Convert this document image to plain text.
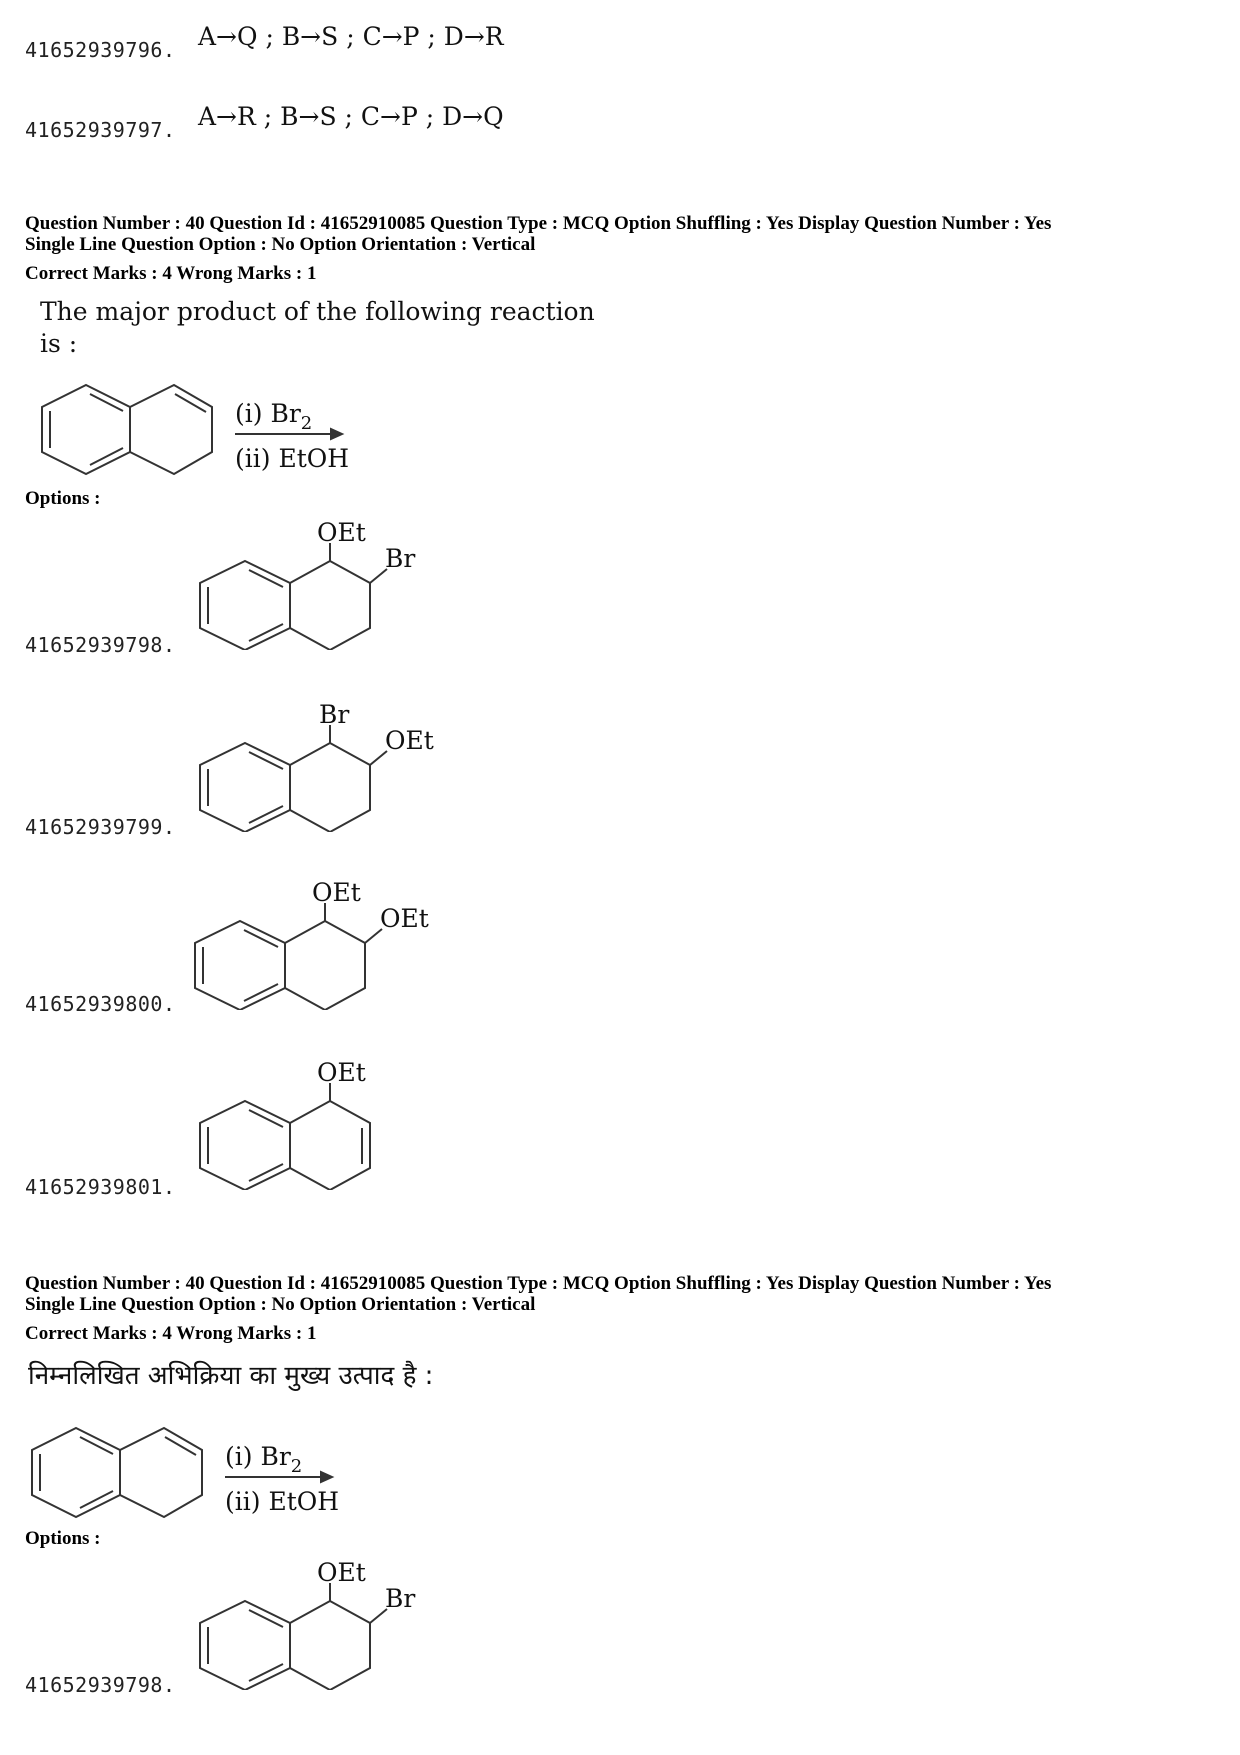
41652939796. A→Q ; B→S ; C→P ; D→R
41652939797. A→R ; B→S ; C→P ; D→Q
Question Number : 40 Question Id : 41652910085 Question Type : MCQ Option Shuffling : Yes Display Question Number : Yes
Single Line Question Option : No Option Orientation : Vertical
Correct Marks : 4 Wrong Marks : 1
The major product of the following reaction
is :
(i) $Br_2$
(ii) EtOH
Options :
41652939798.
OEt
Br
41652939799.
Br
OEt
41652939800.
OEt
OEt
41652939801.
OEt
Question Number : 40 Question Id : 41652910085 Question Type : MCQ Option Shuffling : Yes Display Question Number : Yes
Single Line Question Option : No Option Orientation : Vertical
Correct Marks : 4 Wrong Marks : 1
निम्नलिखित अभिक्रिया का मुख्य उत्पाद है :
(i) $Br_2$
(ii) EtOH
Options :
41652939798.
OEt
Br
